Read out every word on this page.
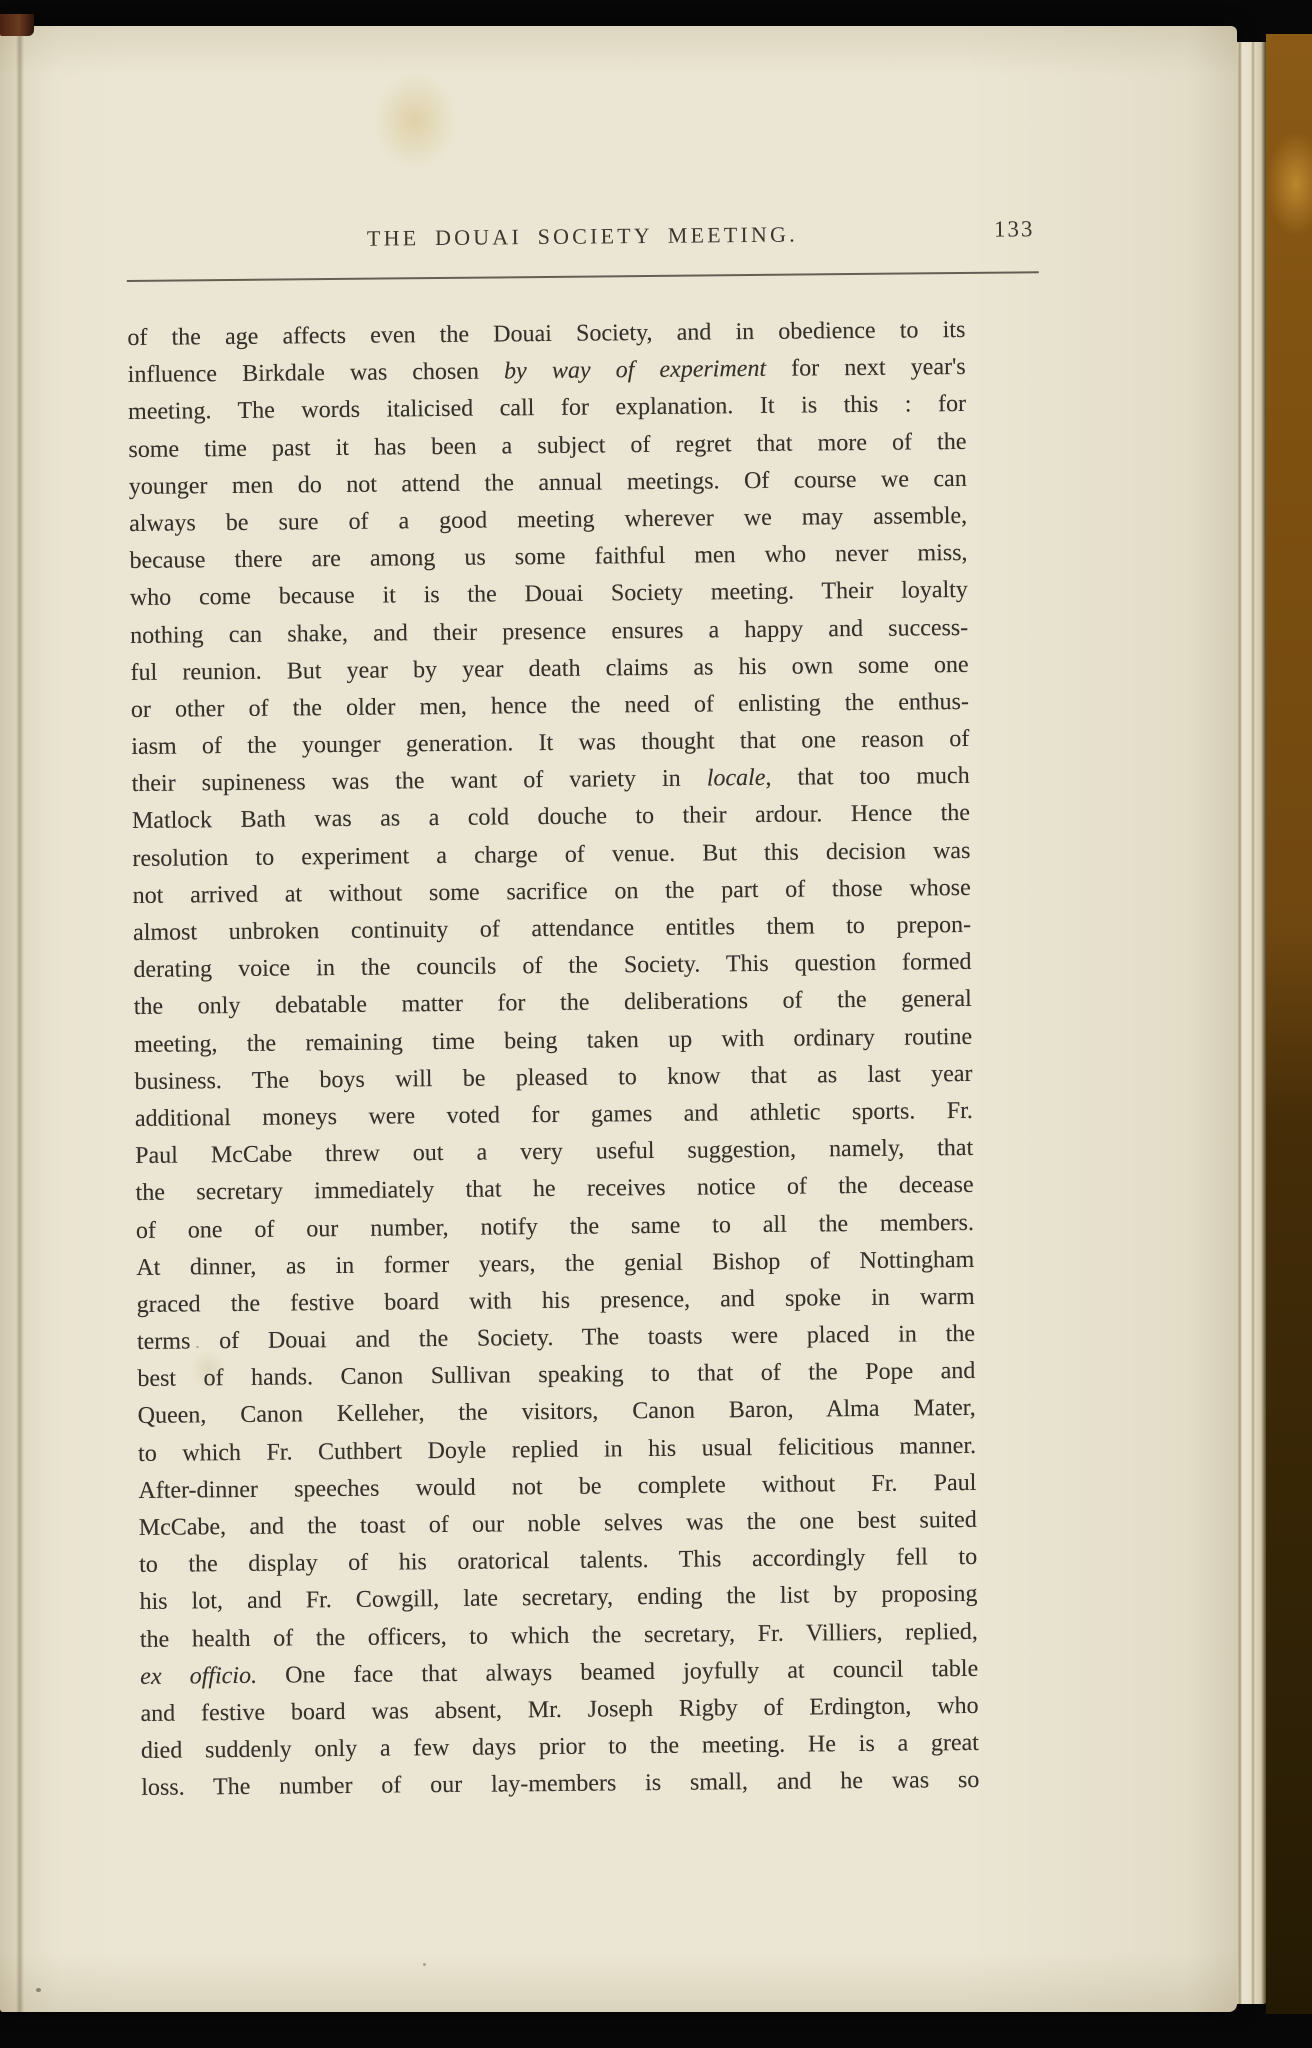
THE DOUAI SOCIETY MEETING.	133
of the age affects even the Douai Society, and in obedience to its
influence Birkdale was chosen by way of experiment for next year's
meeting. The words italicised call for explanation. It is this : for
some time past it has been a subject of regret that more of the
younger men do not attend the annual meetings. Of course we can
always be sure of a good meeting wherever we may assemble,
because there are among us some faithful men who never miss,
who come because it is the Douai Society meeting. Their loyalty
nothing can shake, and their presence ensures a happy and success-
ful reunion. But year by year death claims as his own some one
or other of the older men, hence the need of enlisting the enthus-
iasm of the younger generation. It was thought that one reason of
their supineness was the want of variety in locale, that too much
Matlock Bath was as a cold douche to their ardour. Hence the
resolution to experiment a charge of venue. But this decision was
not arrived at without some sacrifice on the part of those whose
almost unbroken continuity of attendance entitles them to prepon-
derating voice in the councils of the Society. This question formed
the only debatable matter for the deliberations of the general
meeting, the remaining time being taken up with ordinary routine
business. The boys will be pleased to know that as last year
additional moneys were voted for games and athletic sports. Fr.
Paul McCabe threw out a very useful suggestion, namely, that
the secretary immediately that he receives notice of the decease
of one of our number, notify the same to all the members.
At dinner, as in former years, the genial Bishop of Nottingham
graced the festive board with his presence, and spoke in warm
terms of Douai and the Society. The toasts were placed in the
best of hands. Canon Sullivan speaking to that of the Pope and
Queen, Canon Kelleher, the visitors, Canon Baron, Alma Mater,
to which Fr. Cuthbert Doyle replied in his usual felicitious manner.
After-dinner speeches would not be complete without Fr. Paul
McCabe, and the toast of our noble selves was the one best suited
to the display of his oratorical talents. This accordingly fell to
his lot, and Fr. Cowgill, late secretary, ending the list by proposing
the health of the officers, to which the secretary, Fr. Villiers, replied,
ex officio. One face that always beamed joyfully at council table
and festive board was absent, Mr. Joseph Rigby of Erdington, who
died suddenly only a few days prior to the meeting. He is a great
loss. The number of our lay-members is small, and he was so
